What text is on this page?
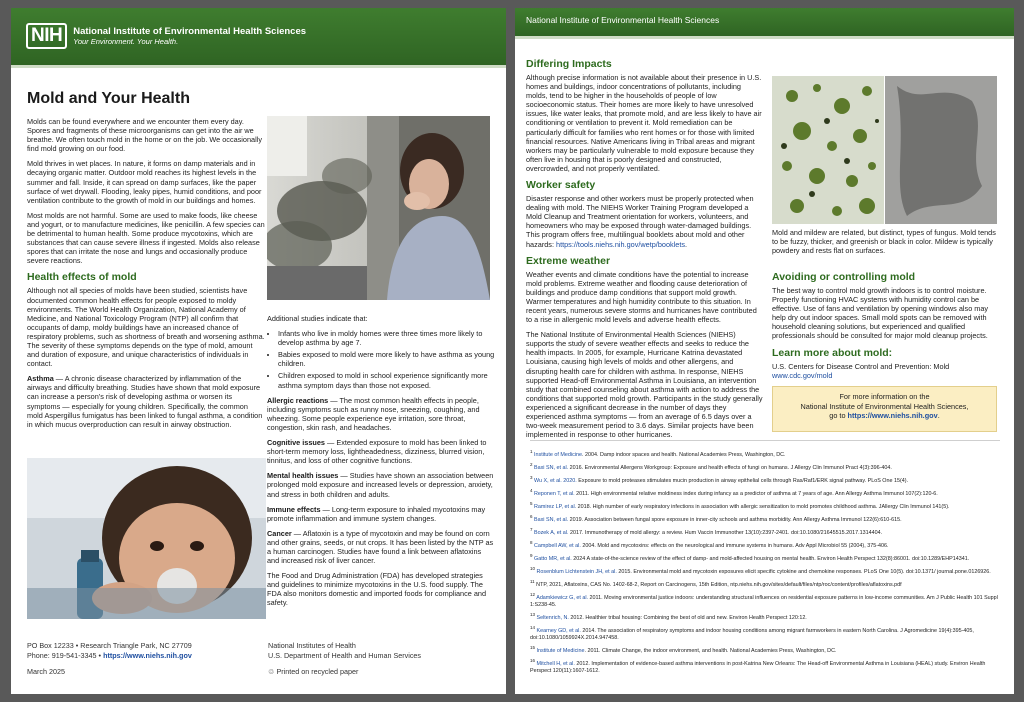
NIH	National Institute of Environmental Health Sciences
Your Environment. Your Health.
Mold and Your Health

Molds can be found everywhere and we encounter them every day. Spores and fragments of these microorganisms can get into the air we breathe. We often touch mold in the home or on the job. We occasionally find mold growing on our food.

Mold thrives in wet places. In nature, it forms on damp materials and in decaying organic matter. Outdoor mold reaches its highest levels in the summer and fall. Inside, it can spread on damp surfaces, like the paper surface of wet drywall. Flooding, leaky pipes, humid conditions, and poor ventilation contribute to the growth of mold in our buildings and homes.

Most molds are not harmful. Some are used to make foods, like cheese and yogurt, or to manufacture medicines, like penicillin. A few species can be detrimental to human health. Some produce mycotoxins, which are substances that can cause severe illness if ingested. Molds also release spores that can irritate the nose and lungs and occasionally produce severe reactions.

Health effects of mold

Although not all species of molds have been studied, scientists have documented common health effects for people exposed to moldy environments. The World Health Organization, National Academy of Medicine, and National Toxicology Program (NTP) all confirm that occupants of damp, moldy buildings have an increased chance of respiratory problems, such as shortness of breath and worsening asthma. The severity of these symptoms depends on the type of mold, amount and duration of exposure, and unique characteristics of individuals in contact.

Asthma — A chronic disease characterized by inflammation of the airways and difficulty breathing. Studies have shown that mold exposure can increase a person's risk of developing asthma or worsen its symptoms — especially for young children. Specifically, the common mold Aspergillus fumigatus has been linked to fungal asthma, a condition in which mucus overproduction can result in airway obstruction.

Additional studies indicate that:

• Infants who live in moldy homes were three times more likely to develop asthma by age 7.
• Babies exposed to mold were more likely to have asthma as young children.
• Children exposed to mold in school experience significantly more asthma symptom days than those not exposed.

Allergic reactions — The most common health effects in people, including symptoms such as runny nose, sneezing, coughing, and wheezing. Some people experience eye irritation, sore throat, congestion, skin rash, and headaches.

Cognitive issues — Extended exposure to mold has been linked to short-term memory loss, lightheadedness, dizziness, blurred vision, tinnitus, and loss of other cognitive functions.

Mental health issues — Studies have shown an association between prolonged mold exposure and increased levels or depression, anxiety, and stress in both children and adults.

Immune effects — Long-term exposure to inhaled mycotoxins may promote inflammation and immune system changes.

Cancer — Aflatoxin is a type of mycotoxin and may be found on corn and other grains, seeds, or nut crops. It has been listed by the NTP as a human carcinogen. Studies have found a link between aflatoxins and increased risk of liver cancer.

The Food and Drug Administration (FDA) has developed strategies and guidelines to minimize mycotoxins in the U.S. food supply. The FDA also monitors domestic and imported foods for compliance and safety.

PO Box 12233 • Research Triangle Park, NC 27709
Phone: 919-541-3345 • https://www.niehs.nih.gov
March 2025
National Institutes of Health
U.S. Department of Health and Human Services
♲ Printed on recycled paper
National Institute of Environmental Health Sciences
Differing Impacts

Although precise information is not available about their presence in U.S. homes and buildings, indoor concentrations of pollutants, including molds, tend to be higher in the households of people of low socioeconomic status. Their homes are more likely to have unresolved issues, like water leaks, that promote mold, and are less likely to have air conditioning or ventilation to prevent it. Mold remediation can be particularly difficult for families who rent homes or for those with limited financial resources. Native Americans living in Tribal areas and migrant workers may be particularly vulnerable to mold exposure because they often live in housing that is poorly designed and constructed, overcrowded, and not properly ventilated.

Worker safety

Disaster response and other workers must be properly protected when dealing with mold. The NIEHS Worker Training Program developed a Mold Cleanup and Treatment orientation for workers, volunteers, and homeowners who may be exposed through water-damaged buildings. This program offers free, multilingual booklets about mold and other hazards: https://tools.niehs.nih.gov/wetp/booklets.

Extreme weather

Weather events and climate conditions have the potential to increase mold problems. Extreme weather and flooding cause deterioration of buildings and produce damp conditions that support mold growth. Warmer temperatures and high humidity contribute to this situation. In recent years, numerous severe storms and hurricanes have contributed to a rise in allergenic mold levels and adverse health effects.

The National Institute of Environmental Health Sciences (NIEHS) supports the study of severe weather effects and seeks to reduce the health impacts. In 2005, for example, Hurricane Katrina devastated Louisiana, causing high levels of molds and other allergens, and disrupting health care for children with asthma. In response, NIEHS supported Head-off Environmental Asthma in Louisiana, an intervention study that combined counseling about asthma with action to address the conditions that supported mold growth. Participants in the study generally experienced a significant decrease in the number of days they experienced asthma symptoms — from an average of 6.5 days over a two-week measurement period to 3.6 days. Similar projects have been implemented in response to other hurricanes.

Mold and mildew are related, but distinct, types of fungus. Mold tends to be fuzzy, thicker, and greenish or black in color. Mildew is typically powdery and rests flat on surfaces.

Avoiding or controlling mold

The best way to control mold growth indoors is to control moisture. Properly functioning HVAC systems with humidity control can be effective. Use of fans and ventilation by opening windows also may help dry out indoor spaces. Small mold spots can be removed with household cleaning solutions, but experienced and qualified professionals should be consulted for major mold cleanup projects.

Learn more about mold:

U.S. Centers for Disease Control and Prevention: Mold
www.cdc.gov/mold

For more information on the
National Institute of Environmental Health Sciences,
go to https://www.niehs.nih.gov.
$^1$ Institute of Medicine. 2004. Damp indoor spaces and health. National Academies Press, Washington, DC.
$^2$ Baxi SN, et al. 2016. Environmental Allergens Workgroup: Exposure and health effects of fungi on humans. J Allergy Clin Immunol Pract 4(3):396-404.
$^3$ Wu X, et al. 2020. Exposure to mold proteases stimulates mucin production in airway epithelial cells through Ras/Raf1/ERK signal pathway. PLoS One 15(4).
$^4$ Reponen T, et al. 2011. High environmental relative moldiness index during infancy as a predictor of asthma at 7 years of age. Ann Allergy Asthma Immunol 107(2):120-6.
$^5$ Ramirez LP, et al. 2018. High number of early respiratory infections in association with allergic sensitization to mold promotes childhood asthma. JAllergy Clin Immunol 141(5).
$^6$ Baxi SN, et al. 2019. Association between fungal spore exposure in inner-city schools and asthma morbidity. Ann Allergy Asthma Immunol 122(6):610-615.
$^7$ Bozek A, et al. 2017. Immunotherapy of mold allergy: a review. Hum Vaccin Immunother 13(10):2397-2401. doi:10.1080/21645515.2017.1314404.
$^8$ Campbell AW, et al. 2004. Mold and mycotoxins: effects on the neurological and immune systems in humans. Adv Appl Microbiol 55 (2004), 375-406.
$^9$ Gatto MR, et al. 2024 A state-of-the-science review of the effect of damp- and mold-affected housing on mental health. Environ Health Perspect 132(8):86001. doi:10.1289/EHP14341.
$^{10}$ Rosenblum Lichtenstein JH, et al. 2015. Environmental mold and mycotoxin exposures elicit specific cytokine and chemokine responses. PLoS One 10(5). doi:10.1371/ journal.pone.0126926.
$^{11}$ NTP, 2021, Aflatoxins, CAS No. 1402-68-2, Report on Carcinogens, 15th Edition, ntp.niehs.nih.gov/sites/default/files/ntp/roc/content/profiles/aflatoxins.pdf
$^{12}$ Adamkiewicz G, et al. 2011. Moving environmental justice indoors: understanding structural influences on residential exposure patterns in low-income communities. Am J Public Health 101 Suppl 1:S238-45.
$^{13}$ Seltenrich, N. 2012. Healthier tribal housing: Combining the best of old and new. Environ Health Perspect 120:12.
$^{14}$ Kearney GD, et al. 2014. The association of respiratory symptoms and indoor housing conditions among migrant farmworkers in eastern North Carolina. J Agromedicine 19(4):395-405, doi:10.1080/1059924X.2014.947458.
$^{15}$ Institute of Medicine. 2011. Climate Change, the indoor environment, and health. National Academies Press, Washington, DC.
$^{16}$ Mitchell H, et al. 2012. Implementation of evidence-based asthma interventions in post-Katrina New Orleans: The Head-off Environmental Asthma in Louisiana (HEAL) study. Environ Health Perspect 120(11):1607-1612.
